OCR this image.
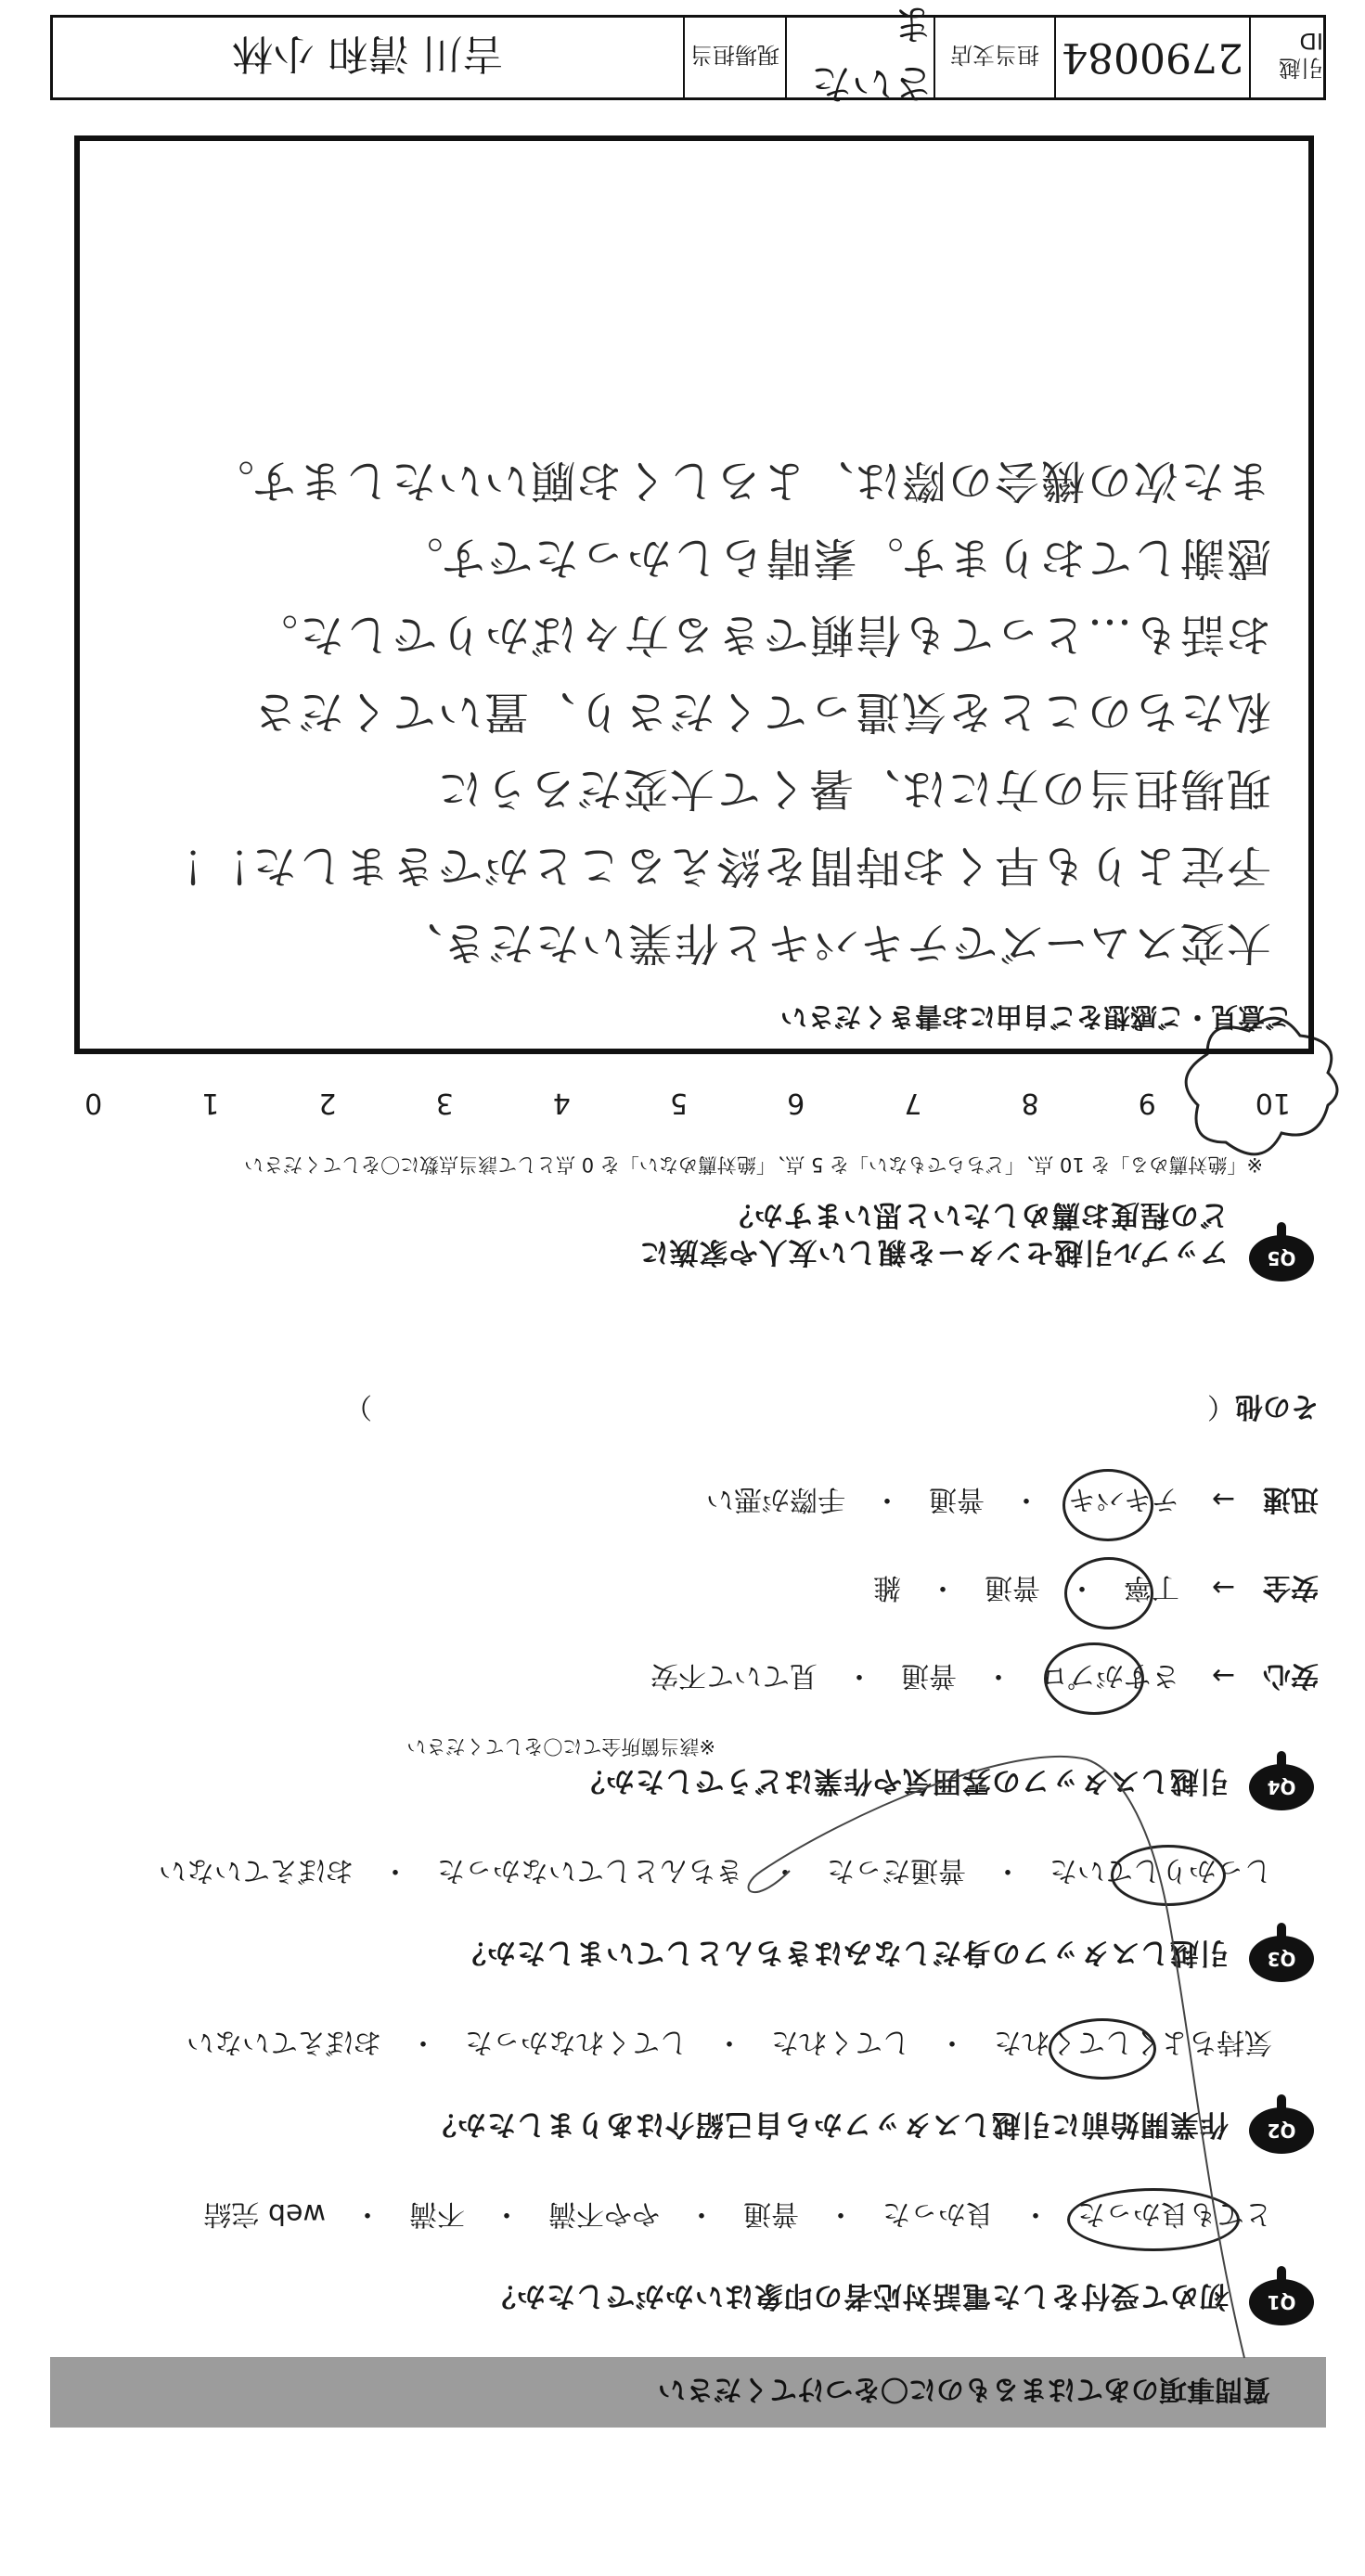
質問事項のあてはまるものに〇をつけてください
Q1
初めて受付をした電話対応者の印象はいかがでしたか？
とても良かった　・　良かった　・　普通　・　やや不満　・　不満　・　web 完結
Q2
作業開始前に引越しスタッフから自己紹介はありましたか？
気持ちよくしてくれた　・　してくれた　・　してくれなかった　・　おぼえていない
Q3
引越しスタッフの身だしなみはきちんとしていましたか？
しっかりしていた　・　普通だった　・　きちんとしていなかった　・　おぼえていない
Q4
引越しスタッフの雰囲気や作業はどうでしたか？
※該当箇所全てに〇をしてください
安心→さすがプロ　・　普通　・　見ていて不安
安全→丁寧　・　普通　・　雑
迅速→テキパキ　・　普通　・　手際が悪い
その他（　　　　　　　　　　　　　　　　　　　　　　　　　　　　　）
Q5
アップル引越センターを親しい友人や家族に
どの程度お薦めしたいと思いますか？
※「絶対薦める」を 10 点、「どちらでもない」を 5 点、「絶対薦めない」を 0 点として該当点数に〇をしてください
10
9
8
7
6
5
4
3
2
1
0
ご意見・ご感想をご自由にお書きください
大変スムーズでテキパキと作業いただき、
予定よりも早くお時間を終えることができました！！
現場担当の方には、暑くて大変だろうに
私たちのことを気遣ってくださり、置いてくださ
お話も…とっても信頼できる方々ばかりでした。
感謝しております。素晴らしかったです。
また次の機会の際は、よろしくお願いいたします。
引越 ID
2790084
担当支店
さいたま
現場担当
吉川 清和 小林
